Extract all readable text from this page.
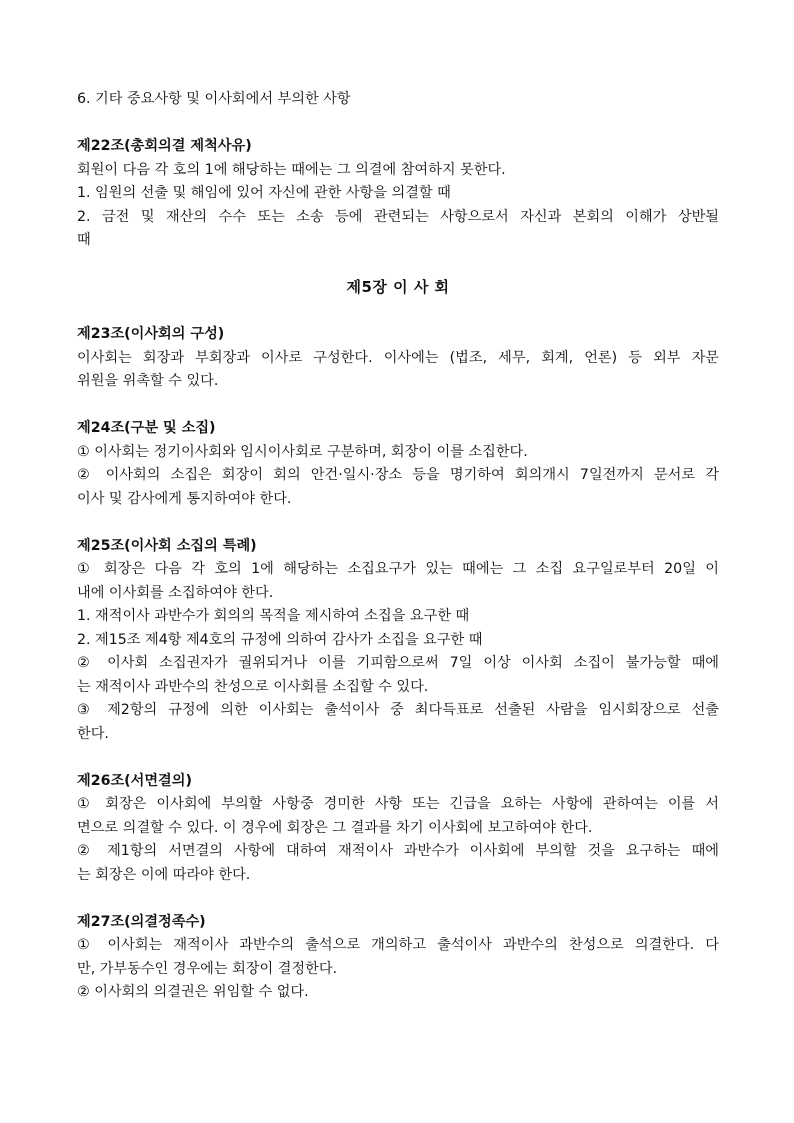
6. 기타 중요사항 및 이사회에서 부의한 사항
제22조(총회의결 제척사유)
회원이 다음 각 호의 1에 해당하는 때에는 그 의결에 참여하지 못한다.
1. 임원의 선출 및 해임에 있어 자신에 관한 사항을 의결할 때
2. 금전 및 재산의 수수 또는 소송 등에 관련되는 사항으로서 자신과 본회의 이해가 상반될
때
제5장 이 사 회
제23조(이사회의 구성)
이사회는 회장과 부회장과 이사로 구성한다. 이사에는 (법조, 세무, 회계, 언론) 등 외부 자문
위원을 위촉할 수 있다.
제24조(구분 및 소집)
① 이사회는 정기이사회와 임시이사회로 구분하며, 회장이 이를 소집한다.
② 이사회의 소집은 회장이 회의 안건·일시·장소 등을 명기하여 회의개시 7일전까지 문서로 각
이사 및 감사에게 통지하여야 한다.
제25조(이사회 소집의 특례)
① 회장은 다음 각 호의 1에 해당하는 소집요구가 있는 때에는 그 소집 요구일로부터 20일 이
내에 이사회를 소집하여야 한다.
1. 재적이사 과반수가 회의의 목적을 제시하여 소집을 요구한 때
2. 제15조 제4항 제4호의 규정에 의하여 감사가 소집을 요구한 때
② 이사회 소집권자가 궐위되거나 이를 기피함으로써 7일 이상 이사회 소집이 불가능할 때에
는 재적이사 과반수의 찬성으로 이사회를 소집할 수 있다.
③ 제2항의 규정에 의한 이사회는 출석이사 중 최다득표로 선출된 사람을 임시회장으로 선출
한다.
제26조(서면결의)
① 회장은 이사회에 부의할 사항중 경미한 사항 또는 긴급을 요하는 사항에 관하여는 이를 서
면으로 의결할 수 있다. 이 경우에 회장은 그 결과를 차기 이사회에 보고하여야 한다.
② 제1항의 서면결의 사항에 대하여 재적이사 과반수가 이사회에 부의할 것을 요구하는 때에
는 회장은 이에 따라야 한다.
제27조(의결정족수)
① 이사회는 재적이사 과반수의 출석으로 개의하고 출석이사 과반수의 찬성으로 의결한다. 다
만, 가부동수인 경우에는 회장이 결정한다.
② 이사회의 의결권은 위임할 수 없다.
